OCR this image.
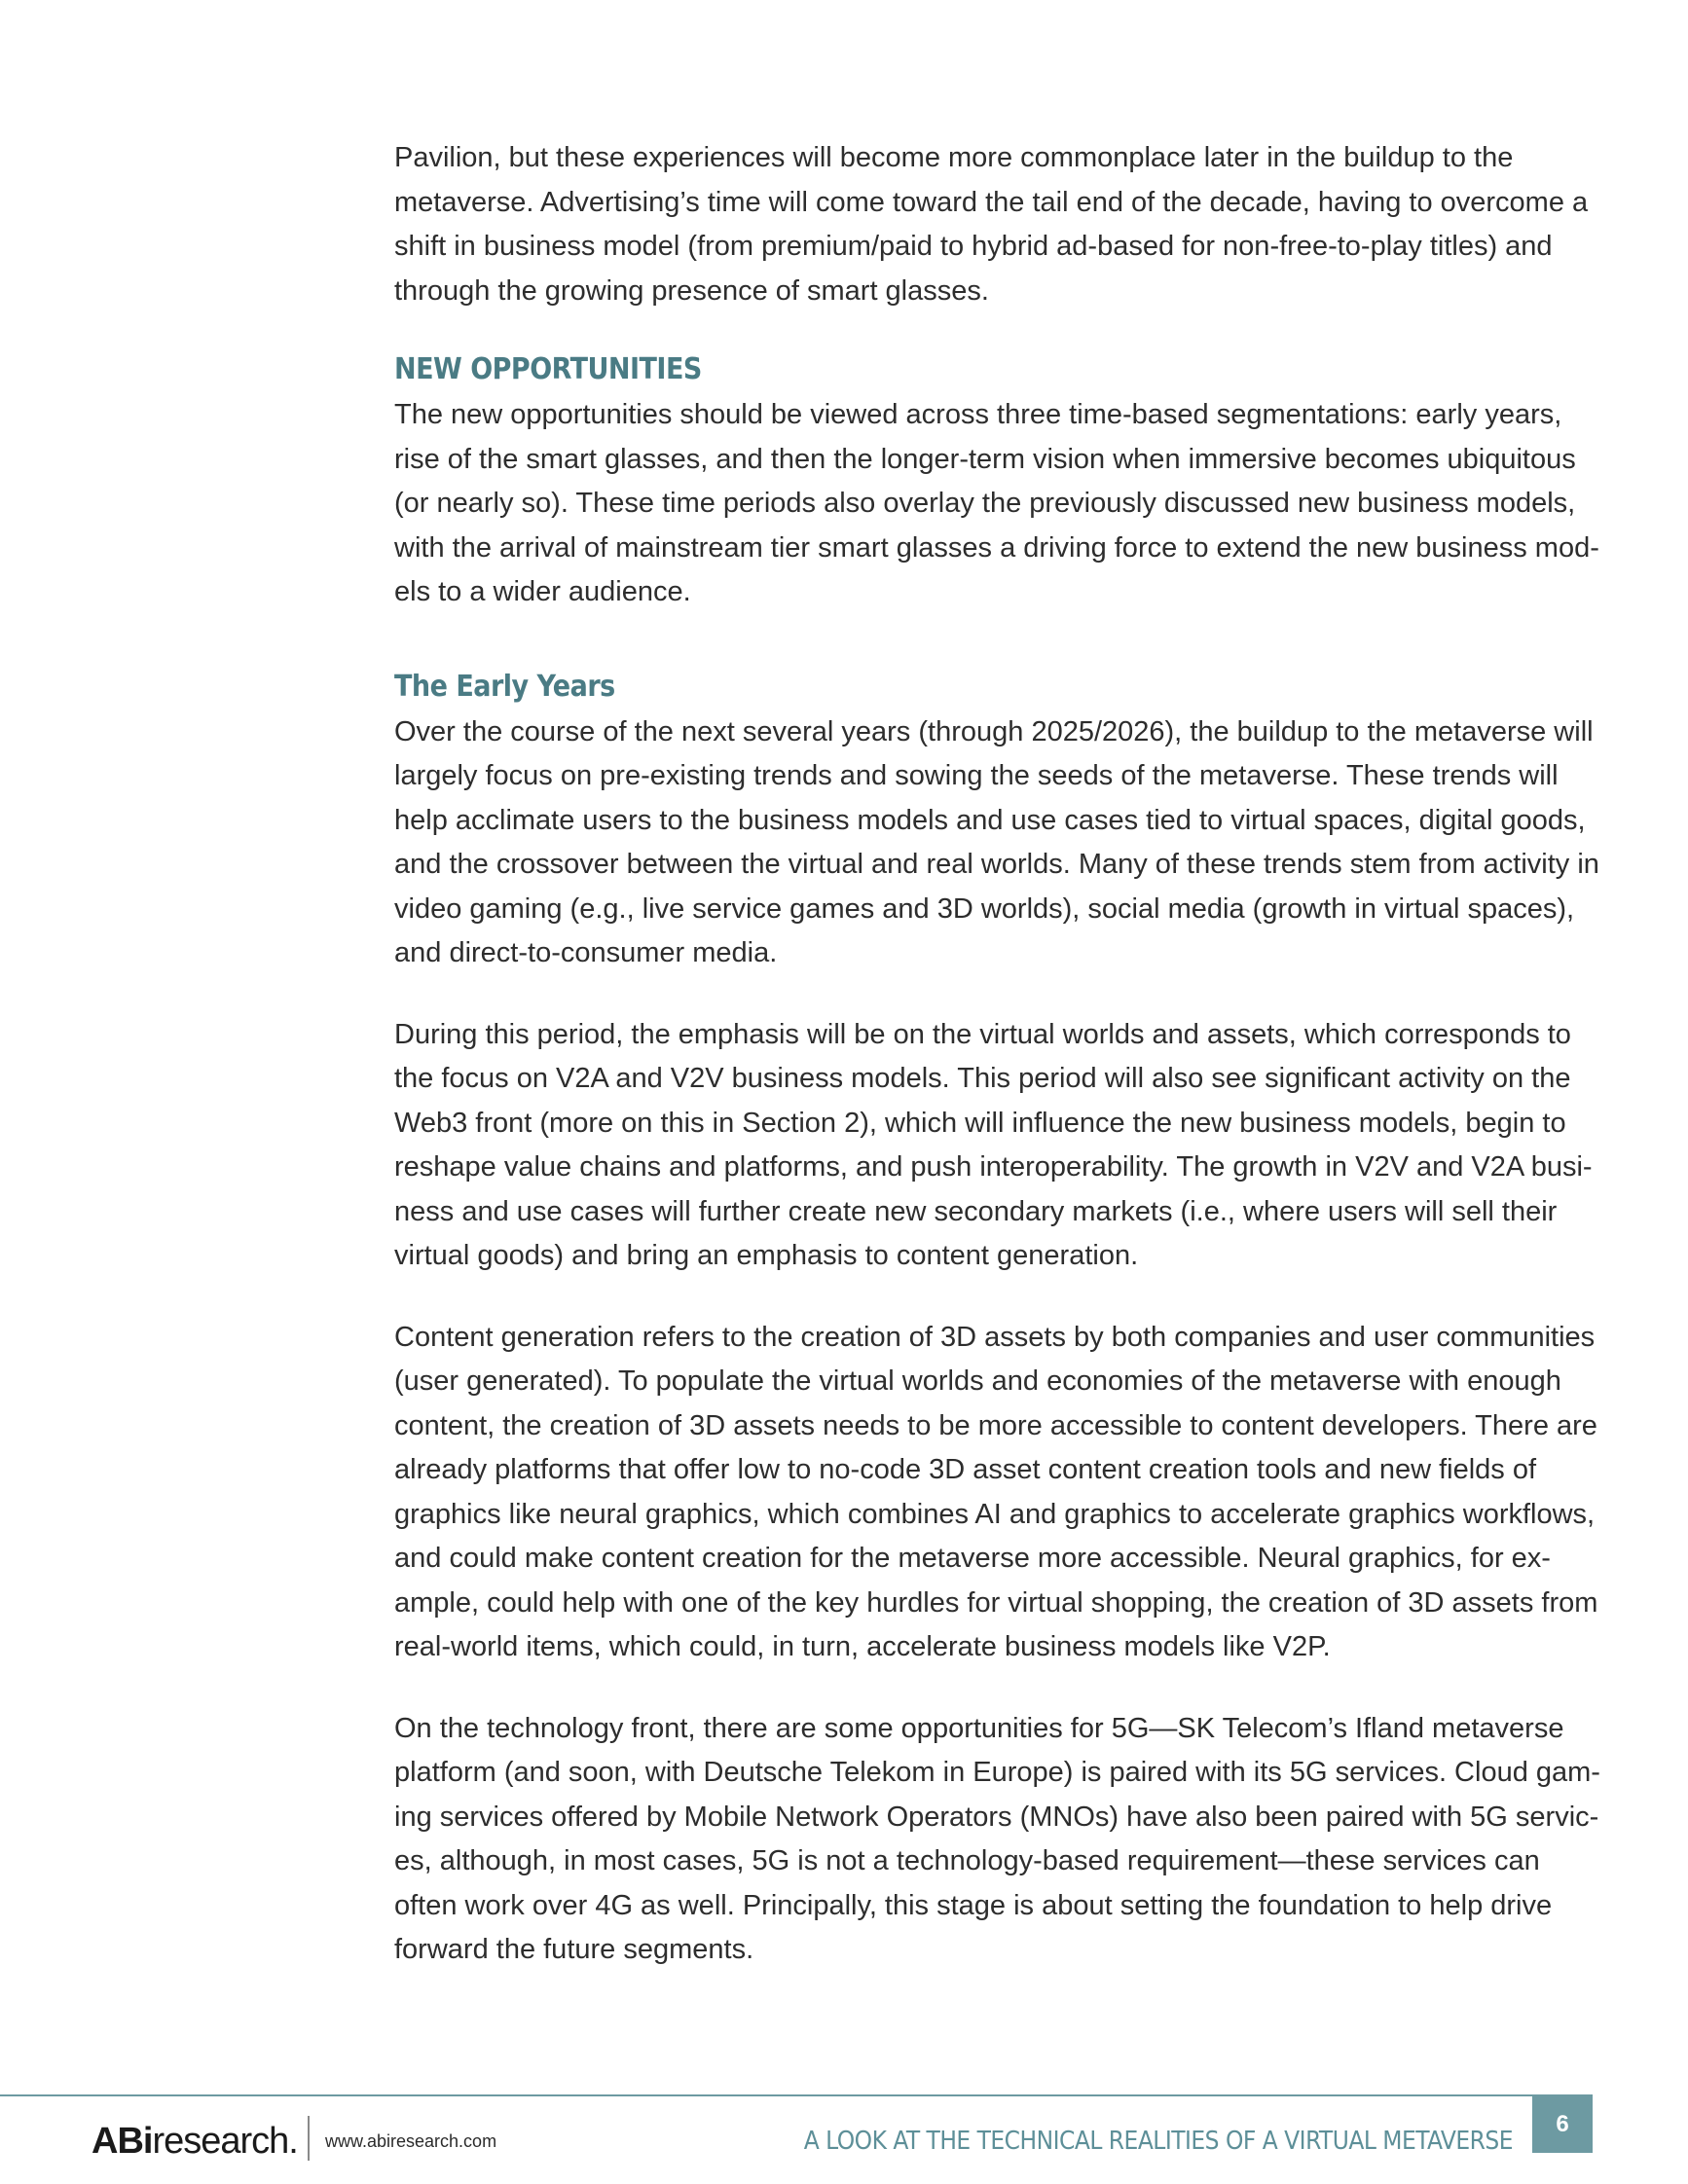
Pavilion, but these experiences will become more commonplace later in the buildup to the metaverse. Advertising’s time will come toward the tail end of the decade, having to overcome a shift in business model (from premium/paid to hybrid ad-based for non-free-to-play titles) and through the growing presence of smart glasses.

NEW OPPORTUNITIES

The new opportunities should be viewed across three time-based segmentations: early years, rise of the smart glasses, and then the longer-term vision when immersive becomes ubiquitous (or nearly so). These time periods also overlay the previously discussed new business models, with the arrival of mainstream tier smart glasses a driving force to extend the new business mod-els to a wider audience.

The Early Years

Over the course of the next several years (through 2025/2026), the buildup to the metaverse will largely focus on pre-existing trends and sowing the seeds of the metaverse. These trends will help acclimate users to the business models and use cases tied to virtual spaces, digital goods, and the crossover between the virtual and real worlds. Many of these trends stem from activity in video gaming (e.g., live service games and 3D worlds), social media (growth in virtual spaces), and direct-to-consumer media.

During this period, the emphasis will be on the virtual worlds and assets, which corresponds to the focus on V2A and V2V business models. This period will also see significant activity on the Web3 front (more on this in Section 2), which will influence the new business models, begin to reshape value chains and platforms, and push interoperability. The growth in V2V and V2A busi-ness and use cases will further create new secondary markets (i.e., where users will sell their virtual goods) and bring an emphasis to content generation.

Content generation refers to the creation of 3D assets by both companies and user communities (user generated). To populate the virtual worlds and economies of the metaverse with enough content, the creation of 3D assets needs to be more accessible to content developers. There are already platforms that offer low to no-code 3D asset content creation tools and new fields of graphics like neural graphics, which combines AI and graphics to accelerate graphics workflows, and could make content creation for the metaverse more accessible. Neural graphics, for ex-ample, could help with one of the key hurdles for virtual shopping, the creation of 3D assets from real-world items, which could, in turn, accelerate business models like V2P.

On the technology front, there are some opportunities for 5G—SK Telecom’s Ifland metaverse platform (and soon, with Deutsche Telekom in Europe) is paired with its 5G services. Cloud gam-ing services offered by Mobile Network Operators (MNOs) have also been paired with 5G servic-es, although, in most cases, 5G is not a technology-based requirement—these services can often work over 4G as well. Principally, this stage is about setting the foundation to help drive forward the future segments.

ABiresearch. www.abiresearch.com	A LOOK AT THE TECHNICAL REALITIES OF A VIRTUAL METAVERSE
6
